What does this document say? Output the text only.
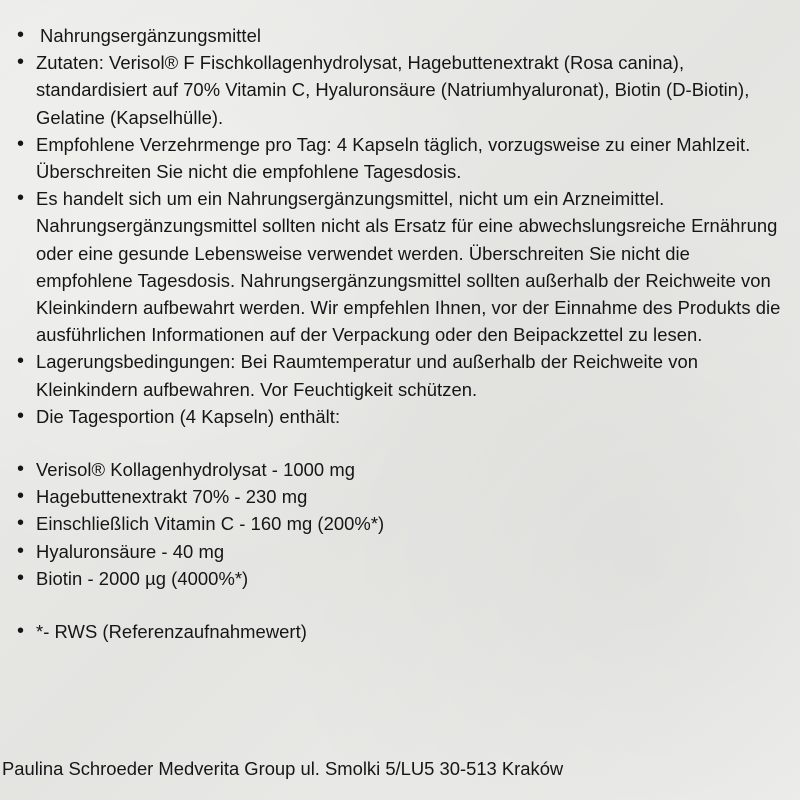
• Nahrungsergänzungsmittel
• Zutaten: Verisol® F Fischkollagenhydrolysat, Hagebuttenextrakt (Rosa canina), standardisiert auf 70% Vitamin C, Hyaluronsäure (Natriumhyaluronat), Biotin (D-Biotin), Gelatine (Kapselhülle).
• Empfohlene Verzehrmenge pro Tag: 4 Kapseln täglich, vorzugsweise zu einer Mahlzeit. Überschreiten Sie nicht die empfohlene Tagesdosis.
• Es handelt sich um ein Nahrungsergänzungsmittel, nicht um ein Arzneimittel. Nahrungsergänzungsmittel sollten nicht als Ersatz für eine abwechslungsreiche Ernährung oder eine gesunde Lebensweise verwendet werden. Überschreiten Sie nicht die empfohlene Tagesdosis. Nahrungsergänzungsmittel sollten außerhalb der Reichweite von Kleinkindern aufbewahrt werden. Wir empfehlen Ihnen, vor der Einnahme des Produkts die ausführlichen Informationen auf der Verpackung oder den Beipackzettel zu lesen.
• Lagerungsbedingungen: Bei Raumtemperatur und außerhalb der Reichweite von Kleinkindern aufbewahren. Vor Feuchtigkeit schützen.
• Die Tagesportion (4 Kapseln) enthält:
• Verisol® Kollagenhydrolysat - 1000 mg
• Hagebuttenextrakt 70% - 230 mg
• Einschließlich Vitamin C - 160 mg (200%*)
• Hyaluronsäure - 40 mg
• Biotin - 2000 µg (4000%*)
• *- RWS (Referenzaufnahmewert)
Paulina Schroeder Medverita Group ul. Smolki 5/LU5 30-513 Kraków
